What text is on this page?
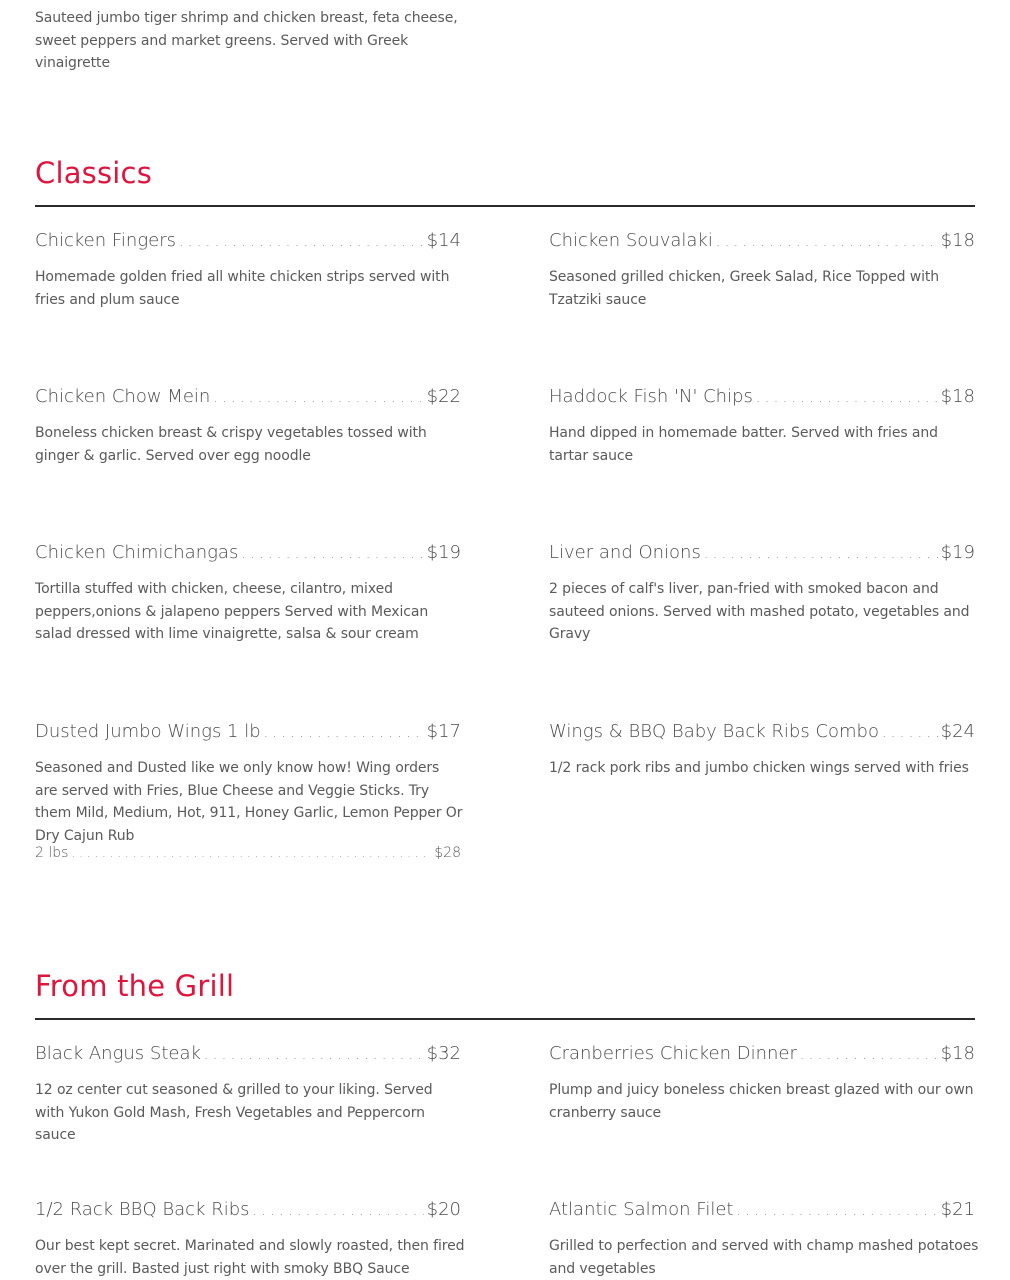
Sauteed jumbo tiger shrimp and chicken breast, feta cheese, sweet peppers and market greens. Served with Greek vinaigrette
Classics
Chicken Fingers . . .	$14
Homemade golden fried all white chicken strips served with fries and plum sauce
Chicken Souvalaki . . .	$18
Seasoned grilled chicken, Greek Salad, Rice Topped with Tzatziki sauce
Chicken Chow Mein . . .	$22
Boneless chicken breast & crispy vegetables tossed with ginger & garlic. Served over egg noodle
Haddock Fish 'N' Chips . . .	$18
Hand dipped in homemade batter. Served with fries and tartar sauce
Chicken Chimichangas . . .	$19
Tortilla stuffed with chicken, cheese, cilantro, mixed peppers,onions & jalapeno peppers Served with Mexican salad dressed with lime vinaigrette, salsa & sour cream
Liver and Onions . . .	$19
2 pieces of calf's liver, pan-fried with smoked bacon and sauteed onions. Served with mashed potato, vegetables and Gravy
Dusted Jumbo Wings 1 lb . . .	$17
Seasoned and Dusted like we only know how! Wing orders are served with Fries, Blue Cheese and Veggie Sticks. Try them Mild, Medium, Hot, 911, Honey Garlic, Lemon Pepper Or Dry Cajun Rub
2 lbs . . .	$28
Wings & BBQ Baby Back Ribs Combo . . .	$24
1/2 rack pork ribs and jumbo chicken wings served with fries
From the Grill
Black Angus Steak . . .	$32
12 oz center cut seasoned & grilled to your liking. Served with Yukon Gold Mash, Fresh Vegetables and Peppercorn sauce
Cranberries Chicken Dinner . . .	$18
Plump and juicy boneless chicken breast glazed with our own cranberry sauce
1/2 Rack BBQ Back Ribs . . .	$20
Our best kept secret. Marinated and slowly roasted, then fired over the grill. Basted just right with smoky BBQ Sauce
Atlantic Salmon Filet . . .	$21
Grilled to perfection and served with champ mashed potatoes and vegetables
